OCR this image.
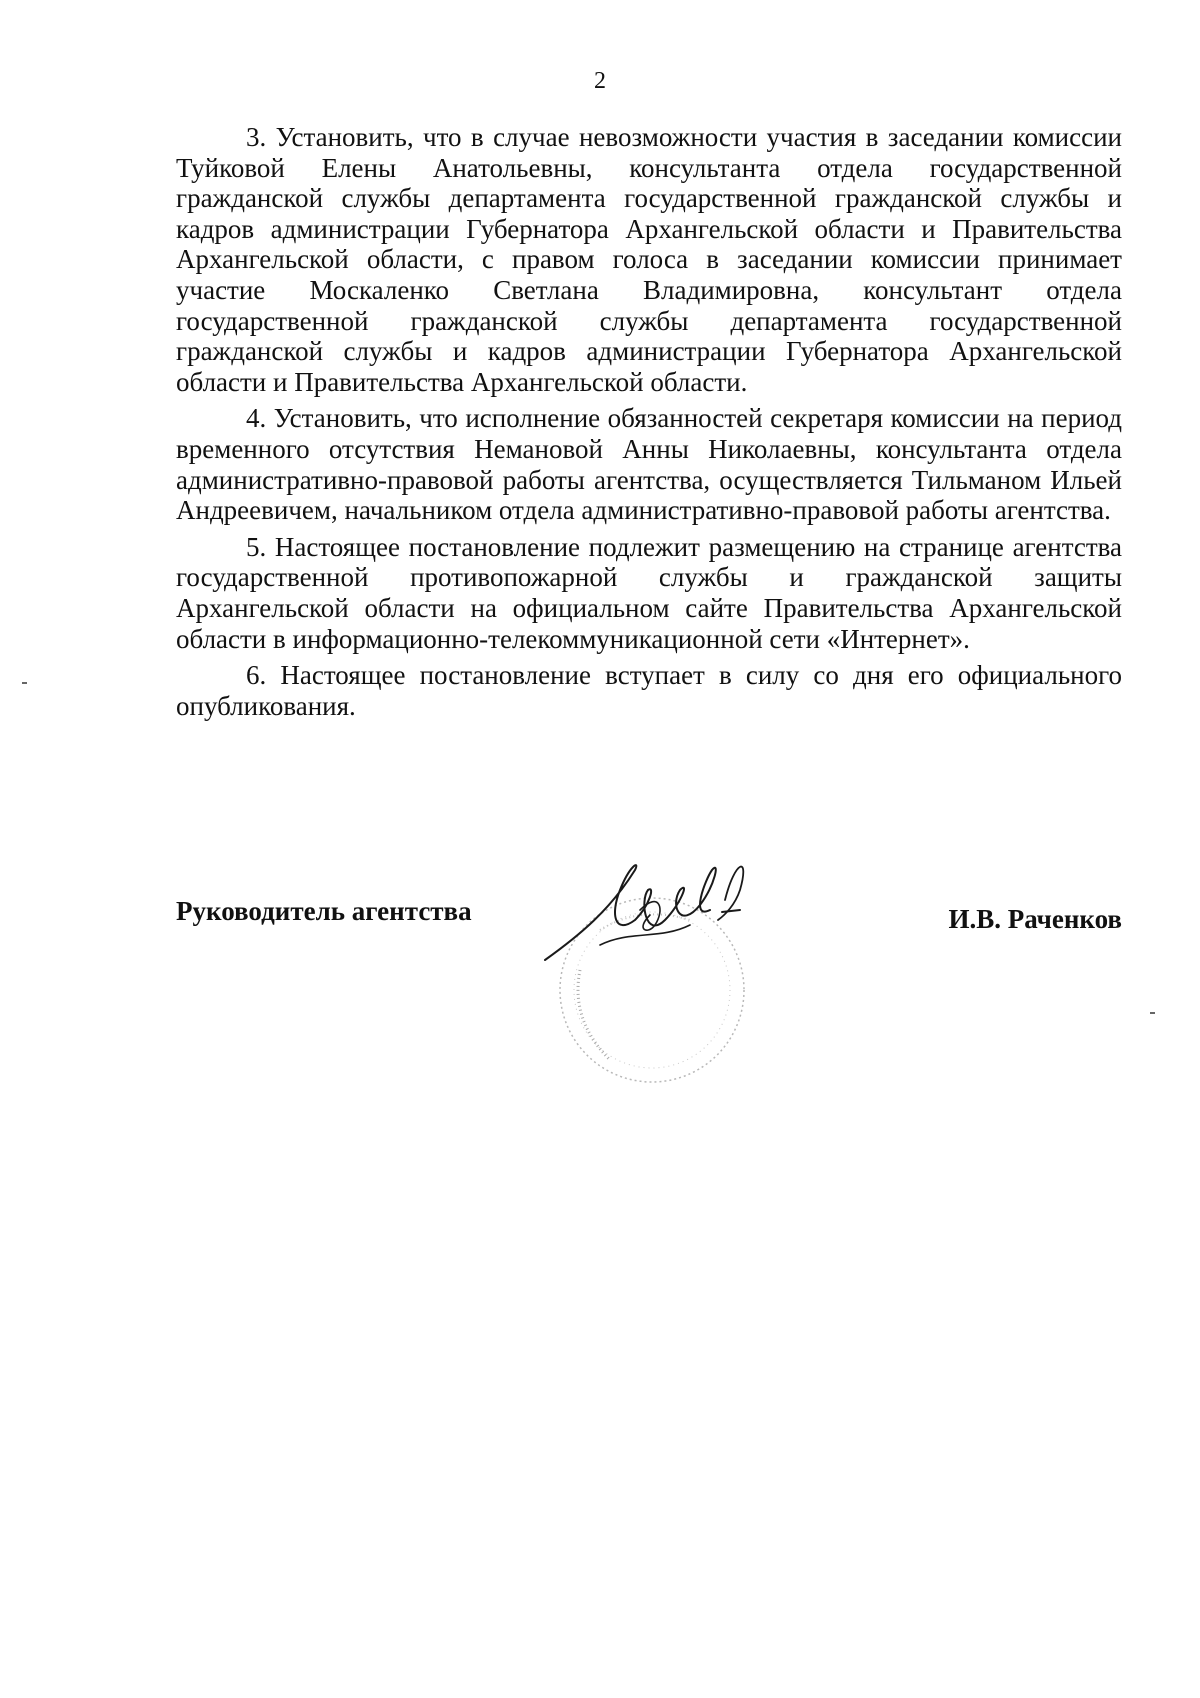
2

3. Установить, что в случае невозможности участия в заседании комиссии Туйковой Елены Анатольевны, консультанта отдела государственной гражданской службы департамента государственной гражданской службы и кадров администрации Губернатора Архангельской области и Правительства Архангельской области, с правом голоса в заседании комиссии принимает участие Москаленко Светлана Владимировна, консультант отдела государственной гражданской службы департамента государственной гражданской службы и кадров администрации Губернатора Архангельской области и Правительства Архангельской области.

4. Установить, что исполнение обязанностей секретаря комиссии на период временного отсутствия Немановой Анны Николаевны, консультанта отдела административно-правовой работы агентства, осуществляется Тильманом Ильей Андреевичем, начальником отдела административно-правовой работы агентства.

5. Настоящее постановление подлежит размещению на странице агентства государственной противопожарной службы и гражданской защиты Архангельской области на официальном сайте Правительства Архангельской области в информационно-телекоммуникационной сети «Интернет».

6. Настоящее постановление вступает в силу со дня его официального опубликования.

Руководитель агентства	И.В. Раченков
